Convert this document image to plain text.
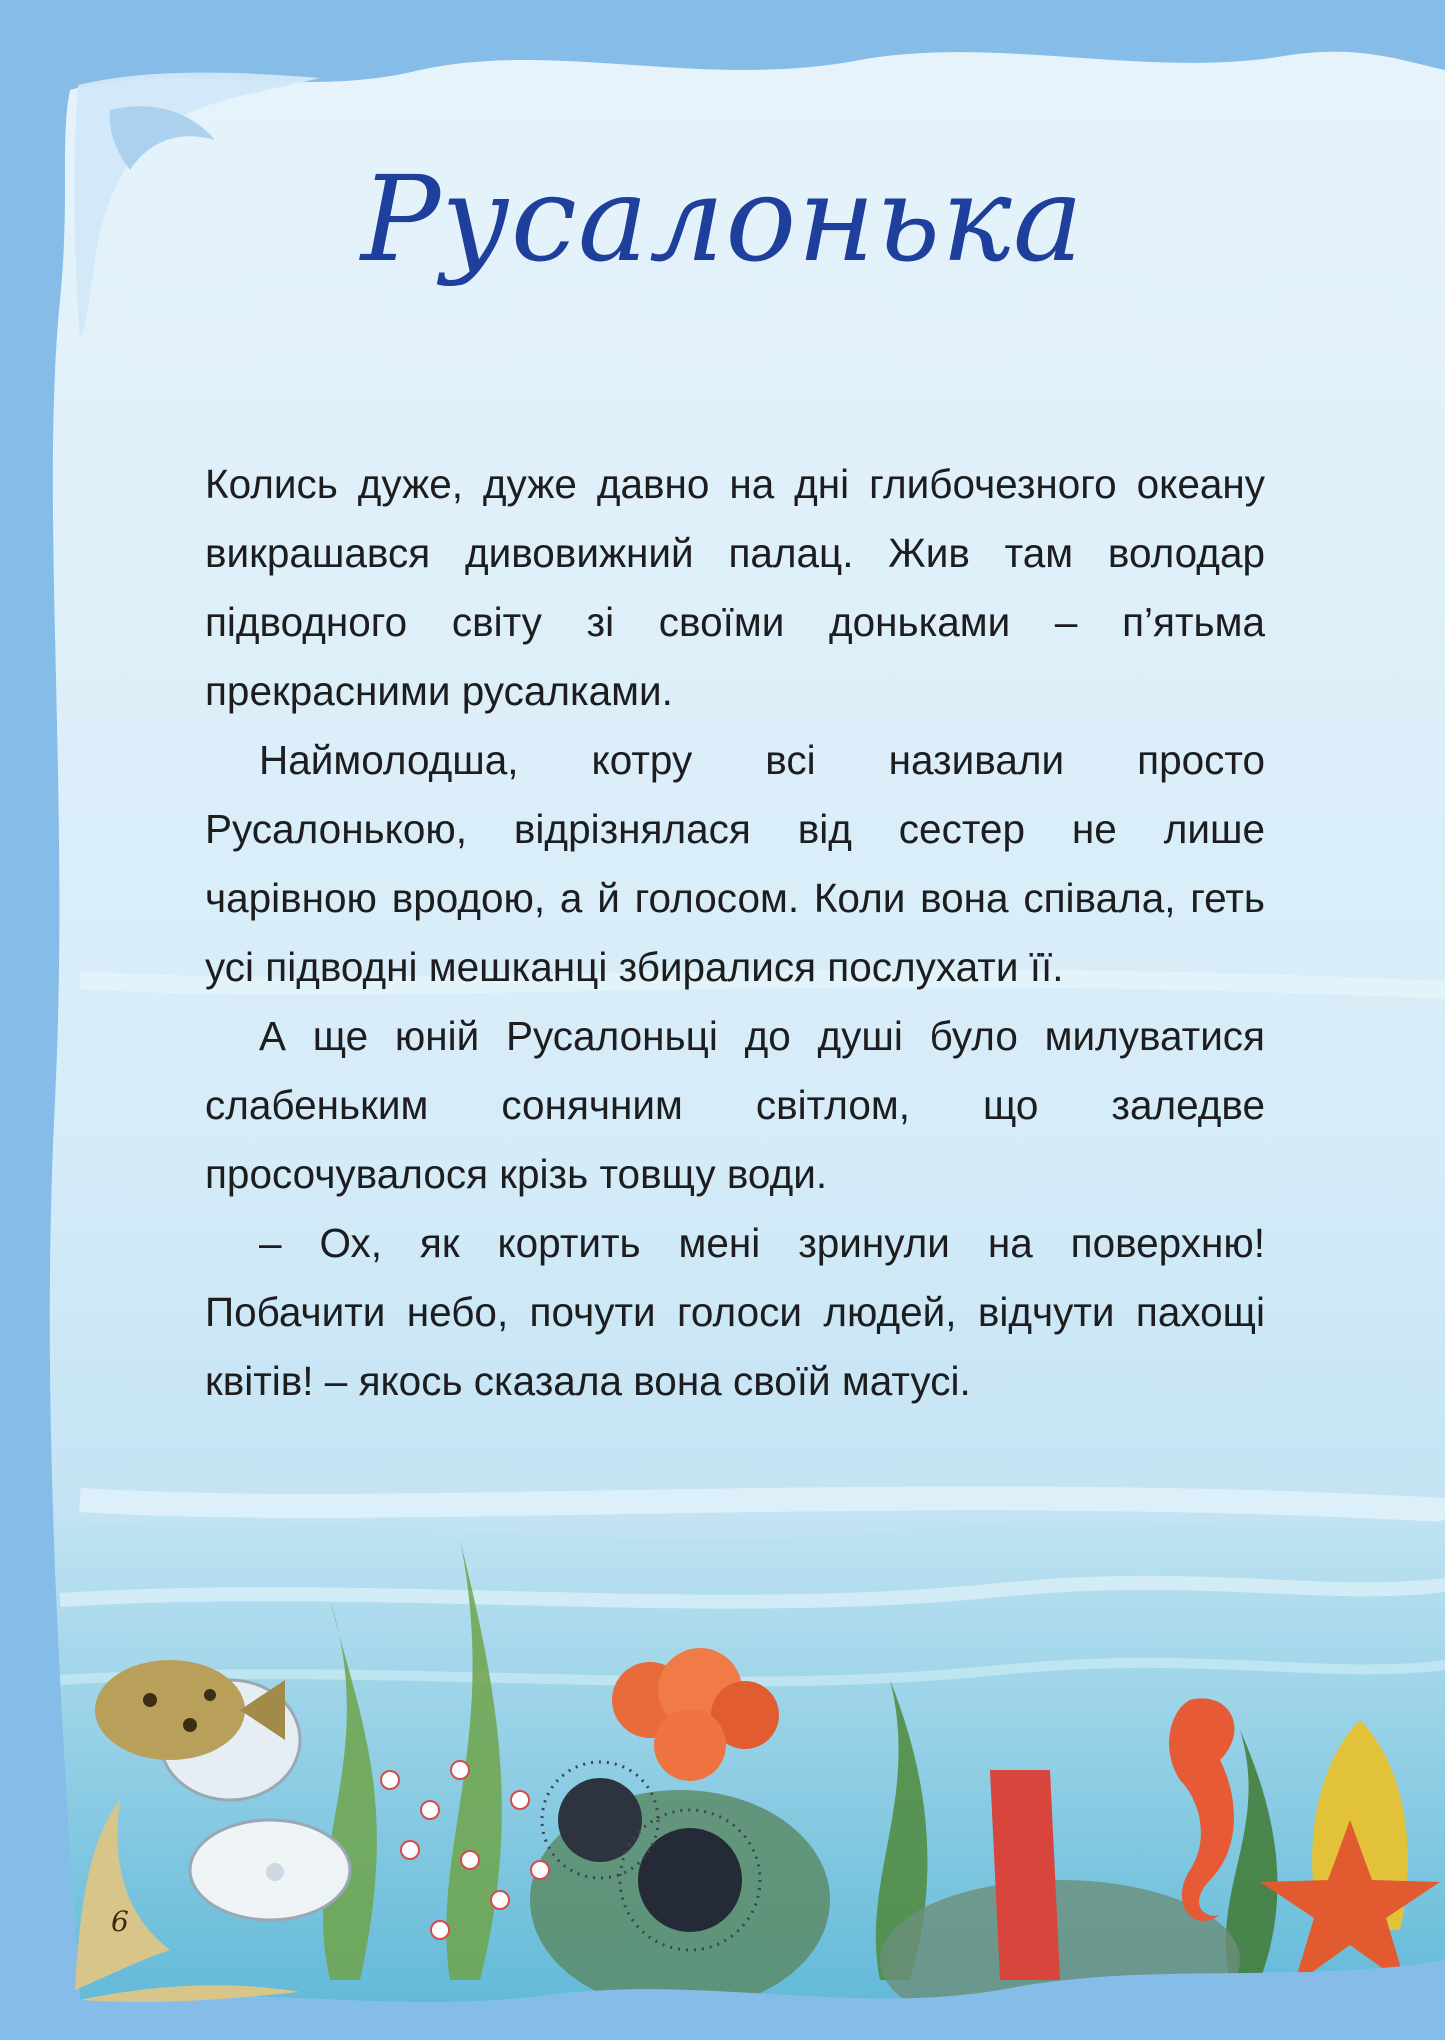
Русалонька

Колись дуже, дуже давно на дні глибочезного океану викрашався дивовижний палац. Жив там володар підводного світу зі своїми доньками – п’ятьма прекрасними русалками.

Наймолодша, котру всі називали просто Русалонькою, відрізнялася від сестер не лише чарівною вродою, а й голосом. Коли вона співала, геть усі підводні мешканці збиралися послухати її.

А ще юній Русалоньці до душі було милуватися слабеньким сонячним світлом, що заледве просочувалося крізь товщу води.

– Ох, як кортить мені зринули на поверхню! Побачити небо, почути голоси людей, відчути пахощі квітів! – якось сказала вона своїй матусі.

6
